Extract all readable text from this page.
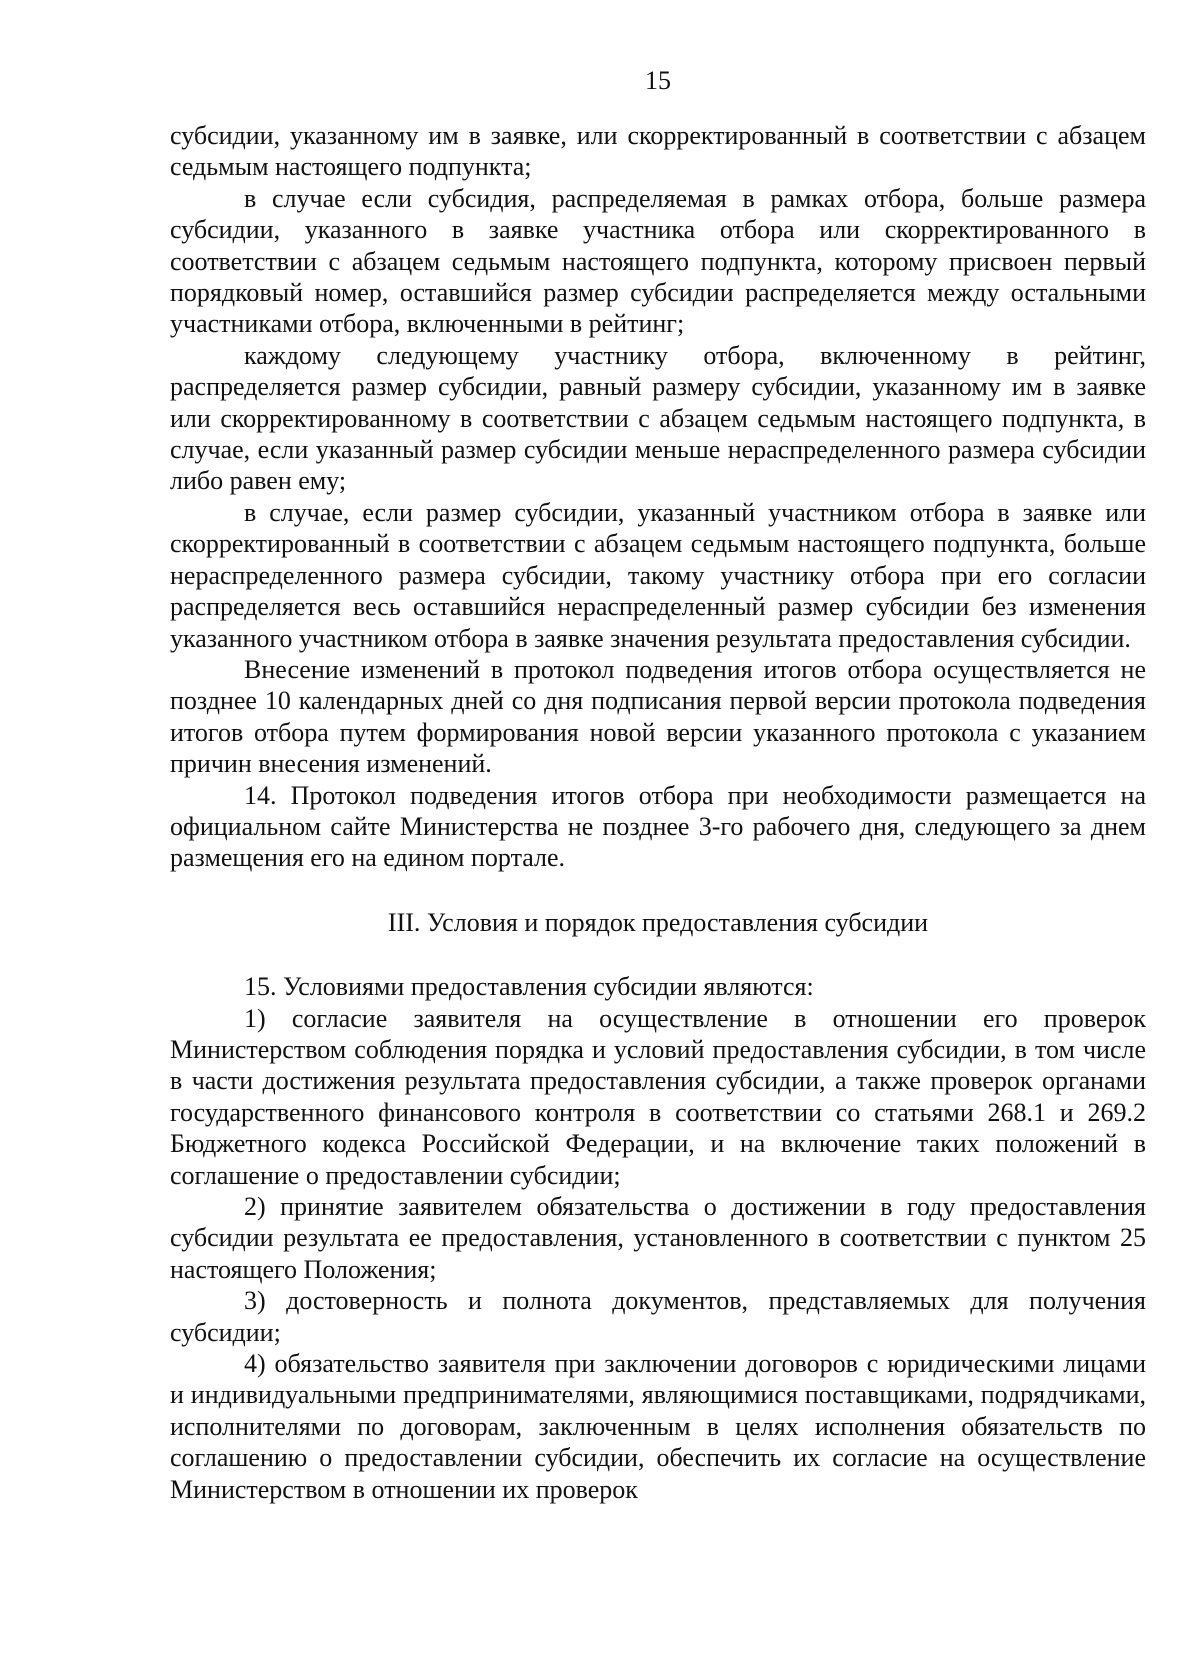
15

субсидии, указанному им в заявке, или скорректированный в соответствии с абзацем седьмым настоящего подпункта;

в случае если субсидия, распределяемая в рамках отбора, больше размера субсидии, указанного в заявке участника отбора или скорректированного в соответствии с абзацем седьмым настоящего подпункта, которому присвоен первый порядковый номер, оставшийся размер субсидии распределяется между остальными участниками отбора, включенными в рейтинг;

каждому следующему участнику отбора, включенному в рейтинг, распределяется размер субсидии, равный размеру субсидии, указанному им в заявке или скорректированному в соответствии с абзацем седьмым настоящего подпункта, в случае, если указанный размер субсидии меньше нераспределенного размера субсидии либо равен ему;

в случае, если размер субсидии, указанный участником отбора в заявке или скорректированный в соответствии с абзацем седьмым настоящего подпункта, больше нераспределенного размера субсидии, такому участнику отбора при его согласии распределяется весь оставшийся нераспределенный размер субсидии без изменения указанного участником отбора в заявке значения результата предоставления субсидии.

Внесение изменений в протокол подведения итогов отбора осуществляется не позднее 10 календарных дней со дня подписания первой версии протокола подведения итогов отбора путем формирования новой версии указанного протокола с указанием причин внесения изменений.

14. Протокол подведения итогов отбора при необходимости размещается на официальном сайте Министерства не позднее 3-го рабочего дня, следующего за днем размещения его на едином портале.

III. Условия и порядок предоставления субсидии

15. Условиями предоставления субсидии являются:

1) согласие заявителя на осуществление в отношении его проверок Министерством соблюдения порядка и условий предоставления субсидии, в том числе в части достижения результата предоставления субсидии, а также проверок органами государственного финансового контроля в соответствии со статьями 268.1 и 269.2 Бюджетного кодекса Российской Федерации, и на включение таких положений в соглашение о предоставлении субсидии;

2) принятие заявителем обязательства о достижении в году предоставления субсидии результата ее предоставления, установленного в соответствии с пунктом 25 настоящего Положения;

3) достоверность и полнота документов, представляемых для получения субсидии;

4) обязательство заявителя при заключении договоров с юридическими лицами и индивидуальными предпринимателями, являющимися поставщиками, подрядчиками, исполнителями по договорам, заключенным в целях исполнения обязательств по соглашению о предоставлении субсидии, обеспечить их согласие на осуществление Министерством в отношении их проверок
